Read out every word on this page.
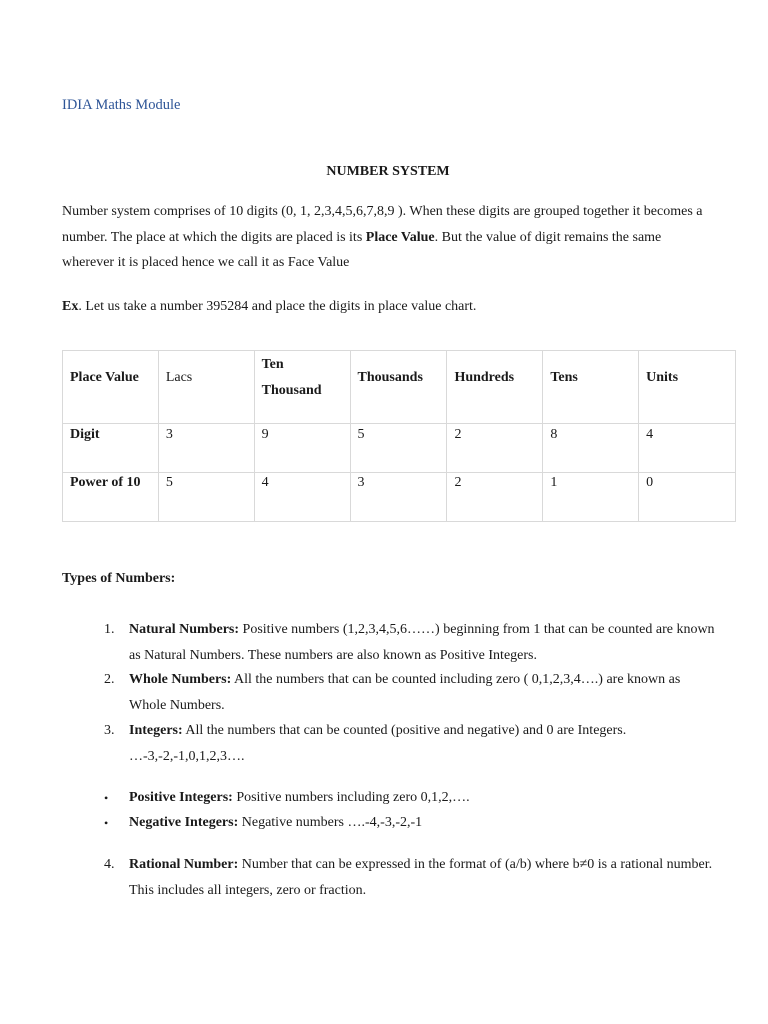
IDIA Maths Module
NUMBER SYSTEM
Number system comprises of 10 digits (0, 1, 2,3,4,5,6,7,8,9 ). When these digits are grouped together it becomes a number. The place at which the digits are placed is its Place Value. But the value of digit remains the same wherever it is placed hence we call it as Face Value
Ex. Let us take a number 395284 and place the digits in place value chart.
Place Value	Lacs	Ten Thousand	Thousands	Hundreds	Tens	Units

Digit	3	9	5	2	8	4

Power of 10	5	4	3	2	1	0
Types of Numbers:
1. Natural Numbers: Positive numbers (1,2,3,4,5,6……) beginning from 1 that can be counted are known as Natural Numbers. These numbers are also known as Positive Integers.
2. Whole Numbers: All the numbers that can be counted including zero ( 0,1,2,3,4….) are known as Whole Numbers.
3. Integers: All the numbers that can be counted (positive and negative) and 0 are Integers. …-3,-2,-1,0,1,2,3….
• Positive Integers: Positive numbers including zero 0,1,2,….
• Negative Integers: Negative numbers ….-4,-3,-2,-1
4. Rational Number: Number that can be expressed in the format of (a/b) where b≠0 is a rational number. This includes all integers, zero or fraction.
